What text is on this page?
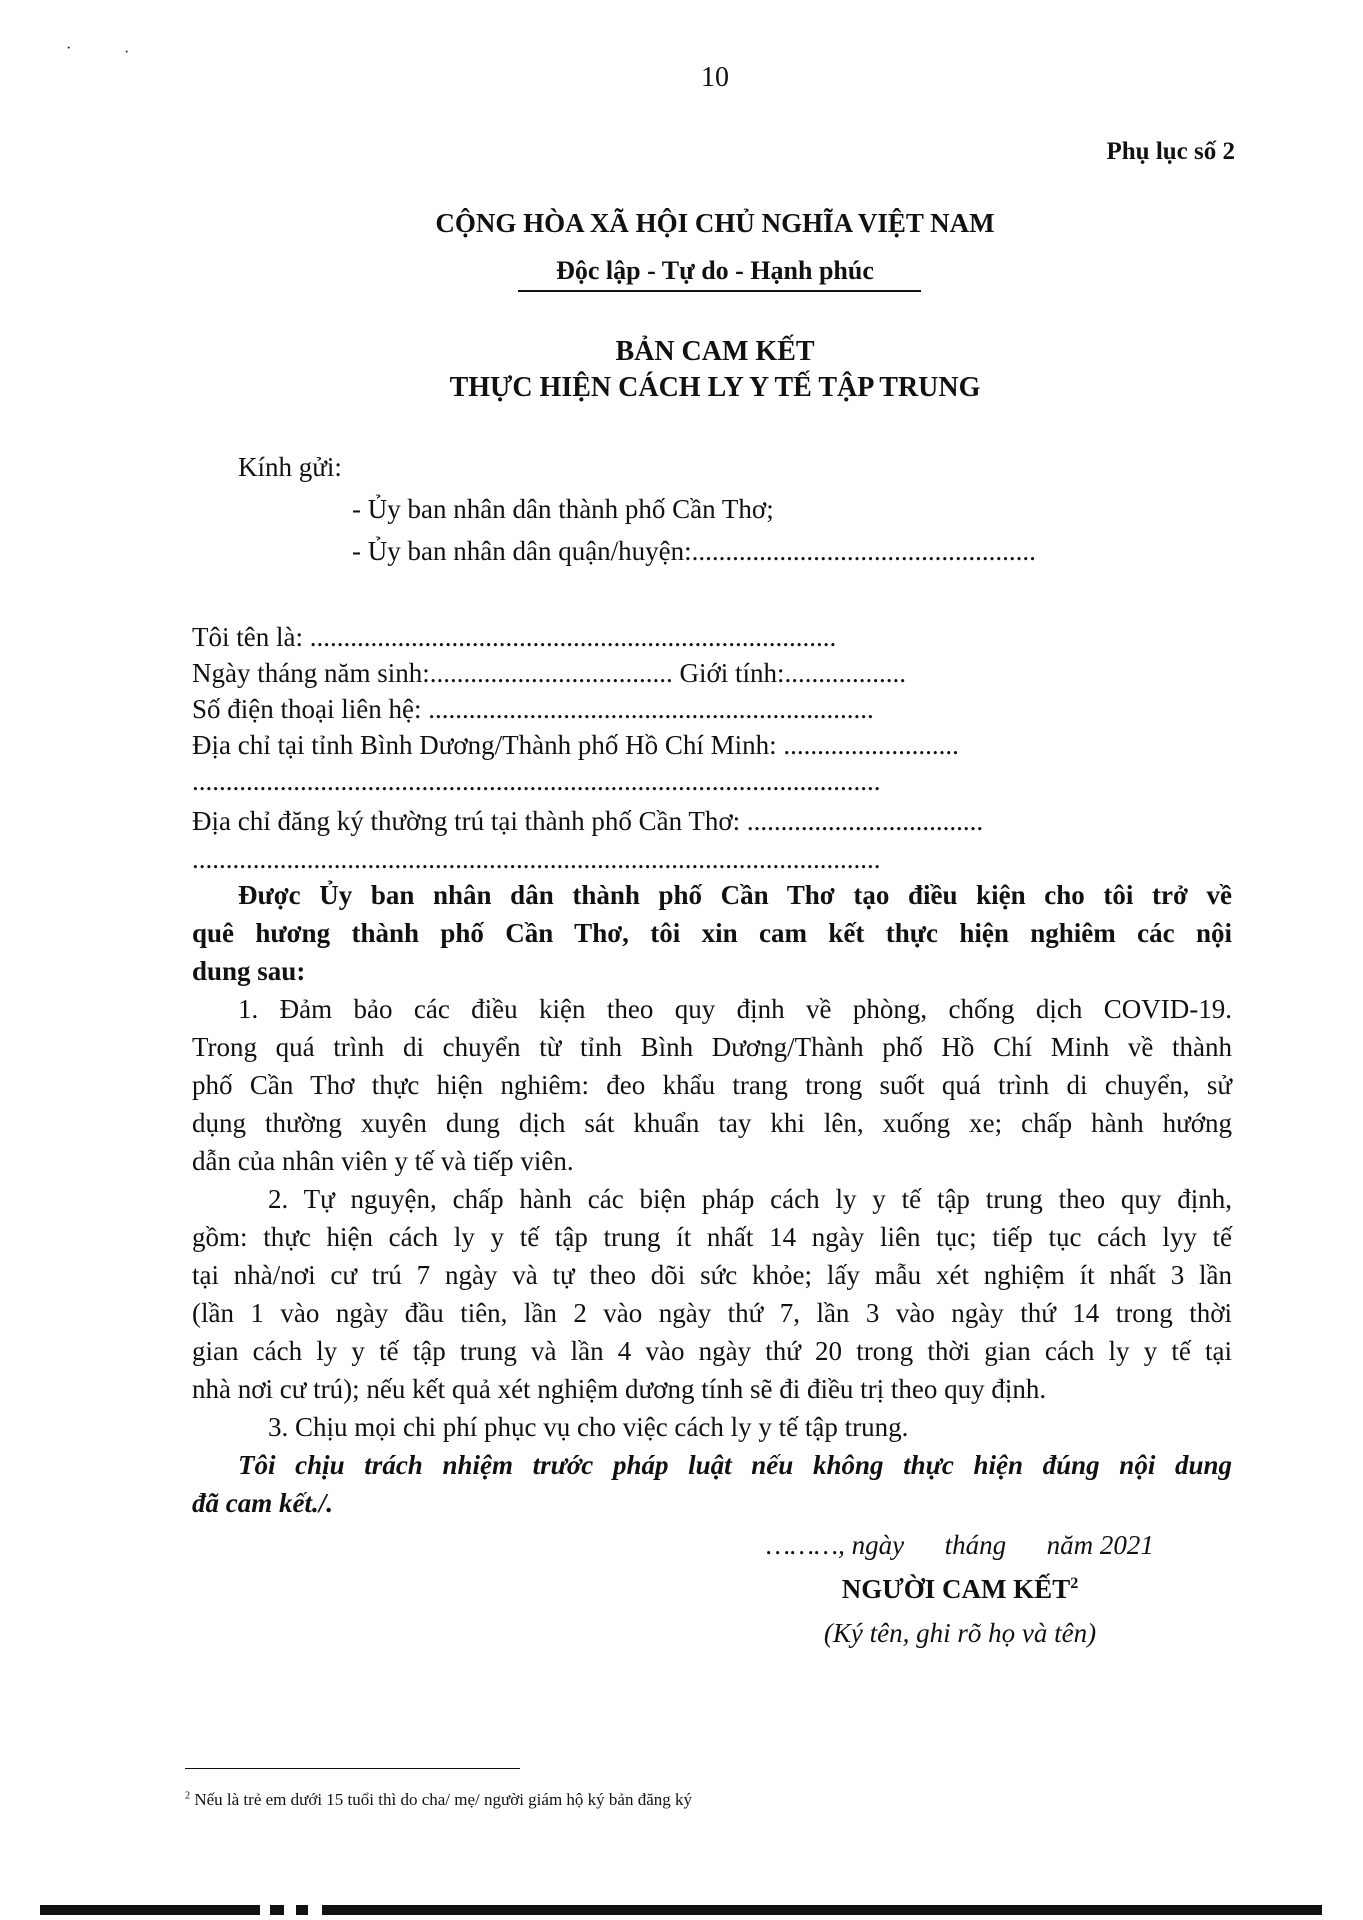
·	·
10
Phụ lục số 2
CỘNG HÒA XÃ HỘI CHỦ NGHĨA VIỆT NAM
Độc lập - Tự do - Hạnh phúc
BẢN CAM KẾT
THỰC HIỆN CÁCH LY Y TẾ TẬP TRUNG
Kính gửi:
- Ủy ban nhân dân thành phố Cần Thơ;
- Ủy ban nhân dân quận/huyện:...................................................
Tôi tên là: ..............................................................................
Ngày tháng năm sinh:.................................... Giới tính:..................
Số điện thoại liên hệ: ..................................................................
Địa chỉ tại tỉnh Bình Dương/Thành phố Hồ Chí Minh: ..........................
......................................................................................................
Địa chỉ đăng ký thường trú tại thành phố Cần Thơ: ...................................
......................................................................................................
Được Ủy ban nhân dân thành phố Cần Thơ tạo điều kiện cho tôi trở về
quê hương thành phố Cần Thơ, tôi xin cam kết thực hiện nghiêm các nội
dung sau:
1. Đảm bảo các điều kiện theo quy định về phòng, chống dịch COVID-19.
Trong quá trình di chuyển từ tỉnh Bình Dương/Thành phố Hồ Chí Minh về thành
phố Cần Thơ thực hiện nghiêm: đeo khẩu trang trong suốt quá trình di chuyển, sử
dụng thường xuyên dung dịch sát khuẩn tay khi lên, xuống xe; chấp hành hướng
dẫn của nhân viên y tế và tiếp viên.
2. Tự nguyện, chấp hành các biện pháp cách ly y tế tập trung theo quy định,
gồm: thực hiện cách ly y tế tập trung ít nhất 14 ngày liên tục; tiếp tục cách lyy tế
tại nhà/nơi cư trú 7 ngày và tự theo dõi sức khỏe; lấy mẫu xét nghiệm ít nhất 3 lần
(lần 1 vào ngày đầu tiên, lần 2 vào ngày thứ 7, lần 3 vào ngày thứ 14 trong thời
gian cách ly y tế tập trung và lần 4 vào ngày thứ 20 trong thời gian cách ly y tế tại
nhà nơi cư trú); nếu kết quả xét nghiệm dương tính sẽ đi điều trị theo quy định.
3. Chịu mọi chi phí phục vụ cho việc cách ly y tế tập trung.
Tôi chịu trách nhiệm trước pháp luật nếu không thực hiện đúng nội dung
đã cam kết./.
………, ngày      tháng      năm 2021
NGƯỜI CAM KẾT$^2$
(Ký tên, ghi rõ họ và tên)
$^2$ Nếu là trẻ em dưới 15 tuổi thì do cha/ mẹ/ người giám hộ ký bản đăng ký
